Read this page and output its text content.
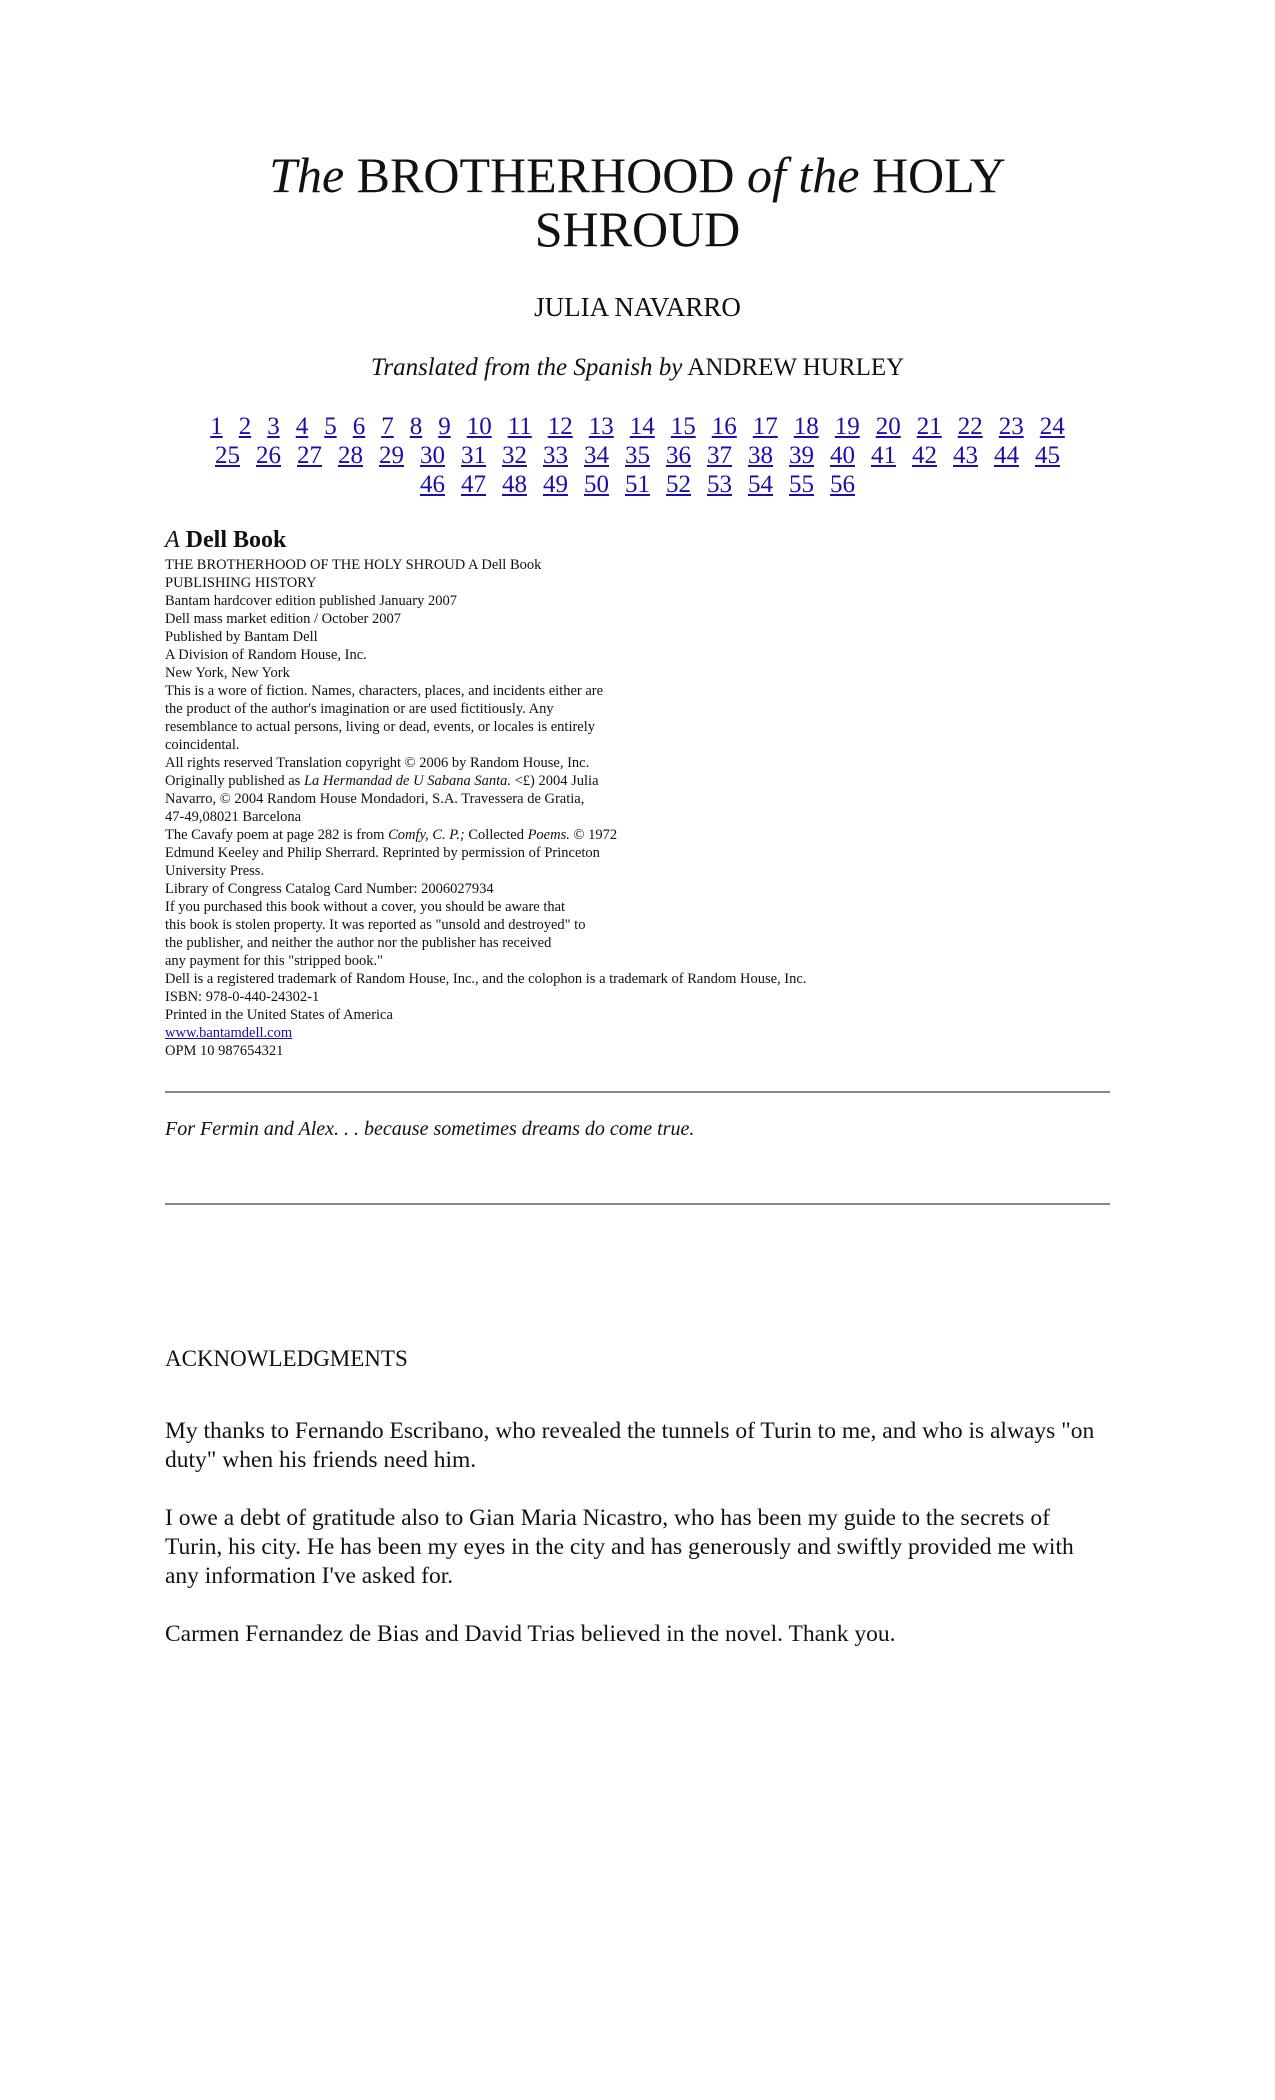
The BROTHERHOOD of the HOLY
SHROUD
JULIA NAVARRO
Translated from the Spanish by ANDREW HURLEY
1 2 3 4 5 6 7 8 9 10 11 12 13 14 15 16 17 18 19 20 21 22 23 24
25 26 27 28 29 30 31 32 33 34 35 36 37 38 39 40 41 42 43 44 45
46 47 48 49 50 51 52 53 54 55 56
A Dell Book
THE BROTHERHOOD OF THE HOLY SHROUD A Dell Book
PUBLISHING HISTORY
Bantam hardcover edition published January 2007
Dell mass market edition / October 2007
Published by Bantam Dell
A Division of Random House, Inc.
New York, New York
This is a wore of fiction. Names, characters, places, and incidents either are
the product of the author's imagination or are used fictitiously. Any
resemblance to actual persons, living or dead, events, or locales is entirely
coincidental.
All rights reserved Translation copyright © 2006 by Random House, Inc.
Originally published as La Hermandad de U Sabana Santa. <£) 2004 Julia
Navarro, © 2004 Random House Mondadori, S.A. Travessera de Gratia,
47-49,08021 Barcelona
The Cavafy poem at page 282 is from Comfy, C. P.; Collected Poems. © 1972
Edmund Keeley and Philip Sherrard. Reprinted by permission of Princeton
University Press.
Library of Congress Catalog Card Number: 2006027934
If you purchased this book without a cover, you should be aware that
this book is stolen property. It was reported as "unsold and destroyed" to
the publisher, and neither the author nor the publisher has received
any payment for this "stripped book."
Dell is a registered trademark of Random House, Inc., and the colophon is a trademark of Random House, Inc.
ISBN: 978-0-440-24302-1
Printed in the United States of America
www.bantamdell.com
OPM 10 987654321
For Fermin and Alex. . . because sometimes dreams do come true.
ACKNOWLEDGMENTS
My thanks to Fernando Escribano, who revealed the tunnels of Turin to me, and who is always "on duty" when his friends need him.
I owe a debt of gratitude also to Gian Maria Nicastro, who has been my guide to the secrets of Turin, his city. He has been my eyes in the city and has generously and swiftly provided me with any information I've asked for.
Carmen Fernandez de Bias and David Trias believed in the novel. Thank you.
